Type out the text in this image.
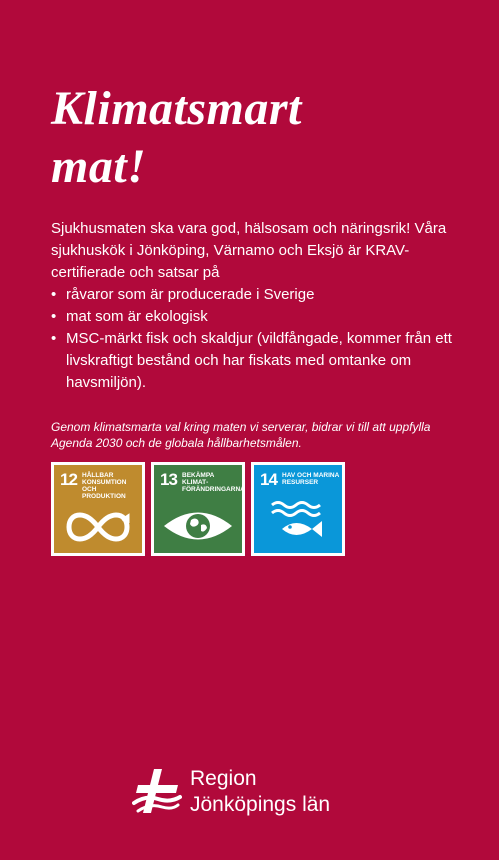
Klimatsmart
mat!

Sjukhusmaten ska vara god, hälsosam och näringsrik! Våra sjukhuskök i Jönköping, Värnamo och Eksjö är KRAV-certifierade och satsar på

• råvaror som är producerade i Sverige
• mat som är ekologisk
• MSC-märkt fisk och skaldjur (vildfångade, kommer från ett livskraftigt bestånd och har fiskats med omtanke om havsmiljön).

Genom klimatsmarta val kring maten vi serverar, bidrar vi till att uppfylla Agenda 2030 och de globala hållbarhetsmålen.

12 HÅLLBAR KONSUMTION OCH PRODUKTION
13 BEKÄMPA KLIMATFÖRÄNDRINGARNA
14 HAV OCH MARINA RESURSER
Region
Jönköpings län
